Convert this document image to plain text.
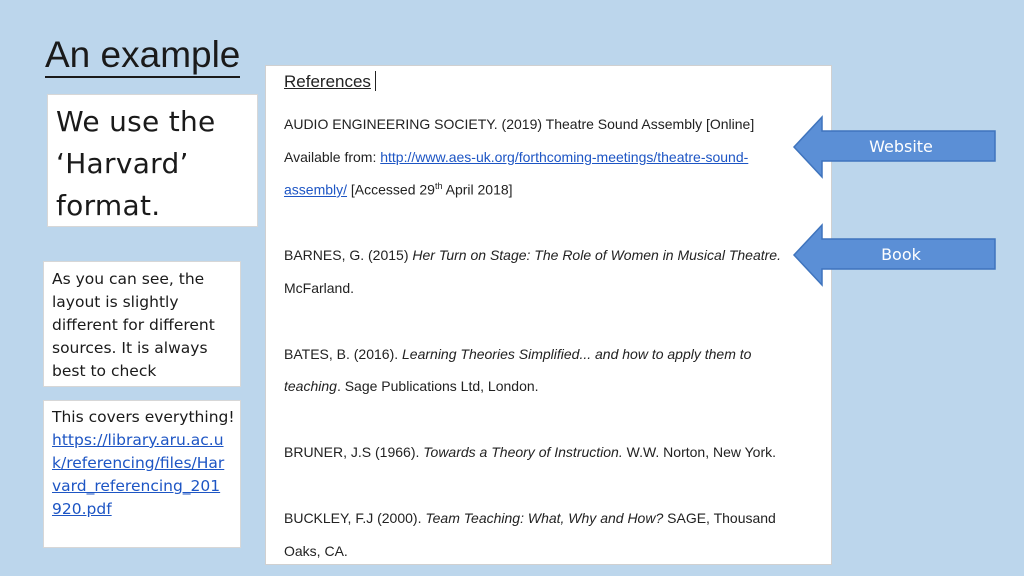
An example
We use the
‘Harvard’
format.
As you can see, the
layout is slightly
different for different
sources. It is always
best to check
This covers everything!
https://library.aru.ac.u
k/referencing/files/Har
vard_referencing_201
920.pdf
References
AUDIO ENGINEERING SOCIETY. (2019) Theatre Sound Assembly [Online]
Available from: http://www.aes-uk.org/forthcoming-meetings/theatre-sound-
assembly/ [Accessed 29th April 2018]
BARNES, G. (2015) Her Turn on Stage: The Role of Women in Musical Theatre.
McFarland.
BATES, B. (2016). Learning Theories Simplified... and how to apply them to
teaching. Sage Publications Ltd, London.
BRUNER, J.S (1966). Towards a Theory of Instruction. W.W. Norton, New York.
BUCKLEY, F.J (2000). Team Teaching: What, Why and How? SAGE, Thousand
Oaks, CA.
Website
Book
